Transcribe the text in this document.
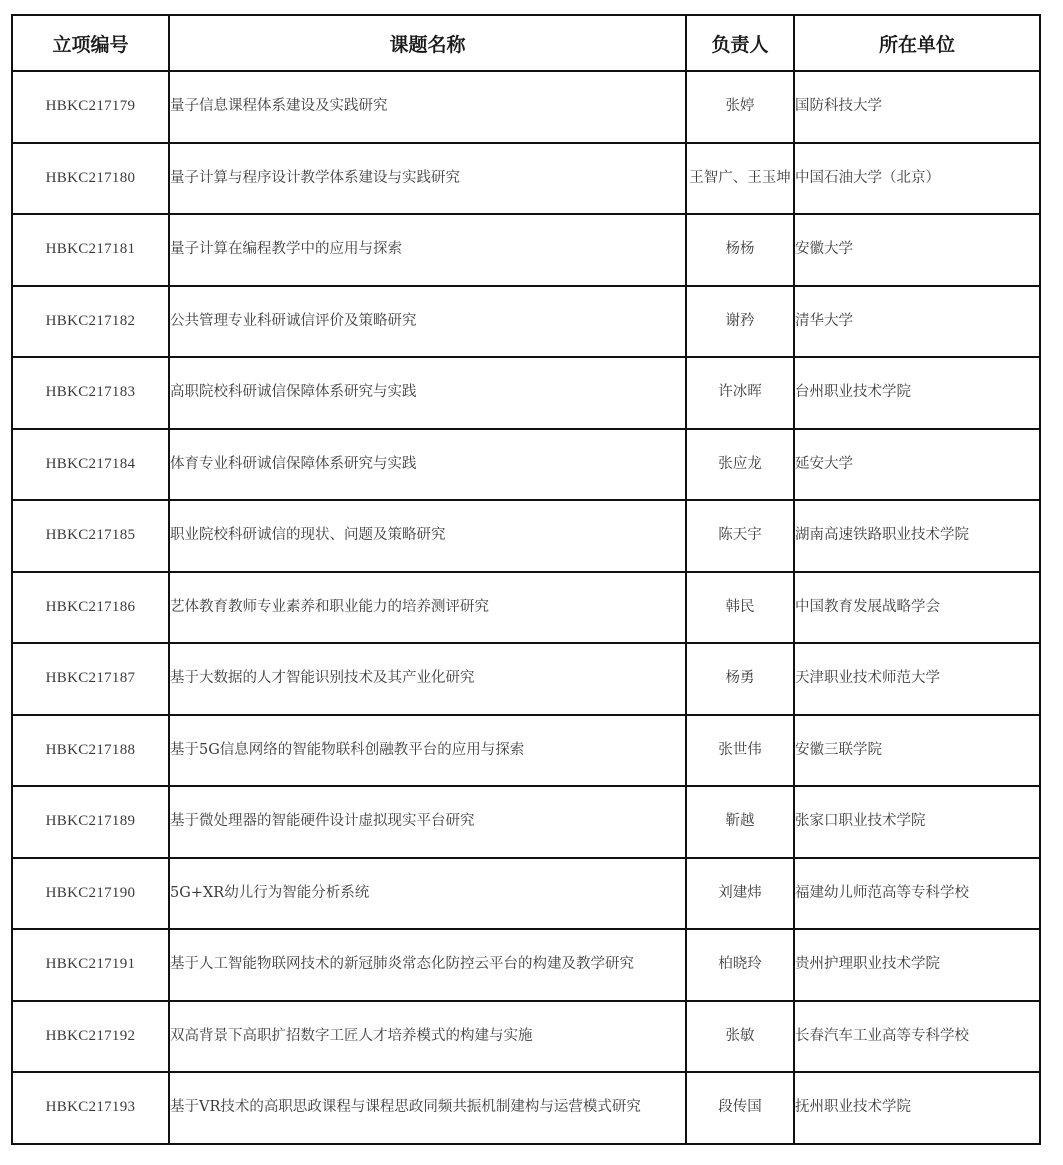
立项编号	课题名称	负责人	所在单位
HBKC217179	量子信息课程体系建设及实践研究	张婷	国防科技大学
HBKC217180	量子计算与程序设计教学体系建设与实践研究	王智广、王玉坤	中国石油大学（北京）
HBKC217181	量子计算在编程教学中的应用与探索	杨杨	安徽大学
HBKC217182	公共管理专业科研诚信评价及策略研究	谢矜	清华大学
HBKC217183	高职院校科研诚信保障体系研究与实践	许冰晖	台州职业技术学院
HBKC217184	体育专业科研诚信保障体系研究与实践	张应龙	延安大学
HBKC217185	职业院校科研诚信的现状、问题及策略研究	陈天宇	湖南高速铁路职业技术学院
HBKC217186	艺体教育教师专业素养和职业能力的培养测评研究	韩民	中国教育发展战略学会
HBKC217187	基于大数据的人才智能识别技术及其产业化研究	杨勇	天津职业技术师范大学
HBKC217188	基于5G信息网络的智能物联科创融教平台的应用与探索	张世伟	安徽三联学院
HBKC217189	基于微处理器的智能硬件设计虚拟现实平台研究	靳越	张家口职业技术学院
HBKC217190	5G+XR幼儿行为智能分析系统	刘建炜	福建幼儿师范高等专科学校
HBKC217191	基于人工智能物联网技术的新冠肺炎常态化防控云平台的构建及教学研究	柏晓玲	贵州护理职业技术学院
HBKC217192	双高背景下高职扩招数字工匠人才培养模式的构建与实施	张敏	长春汽车工业高等专科学校
HBKC217193	基于VR技术的高职思政课程与课程思政同频共振机制建构与运营模式研究	段传国	抚州职业技术学院
